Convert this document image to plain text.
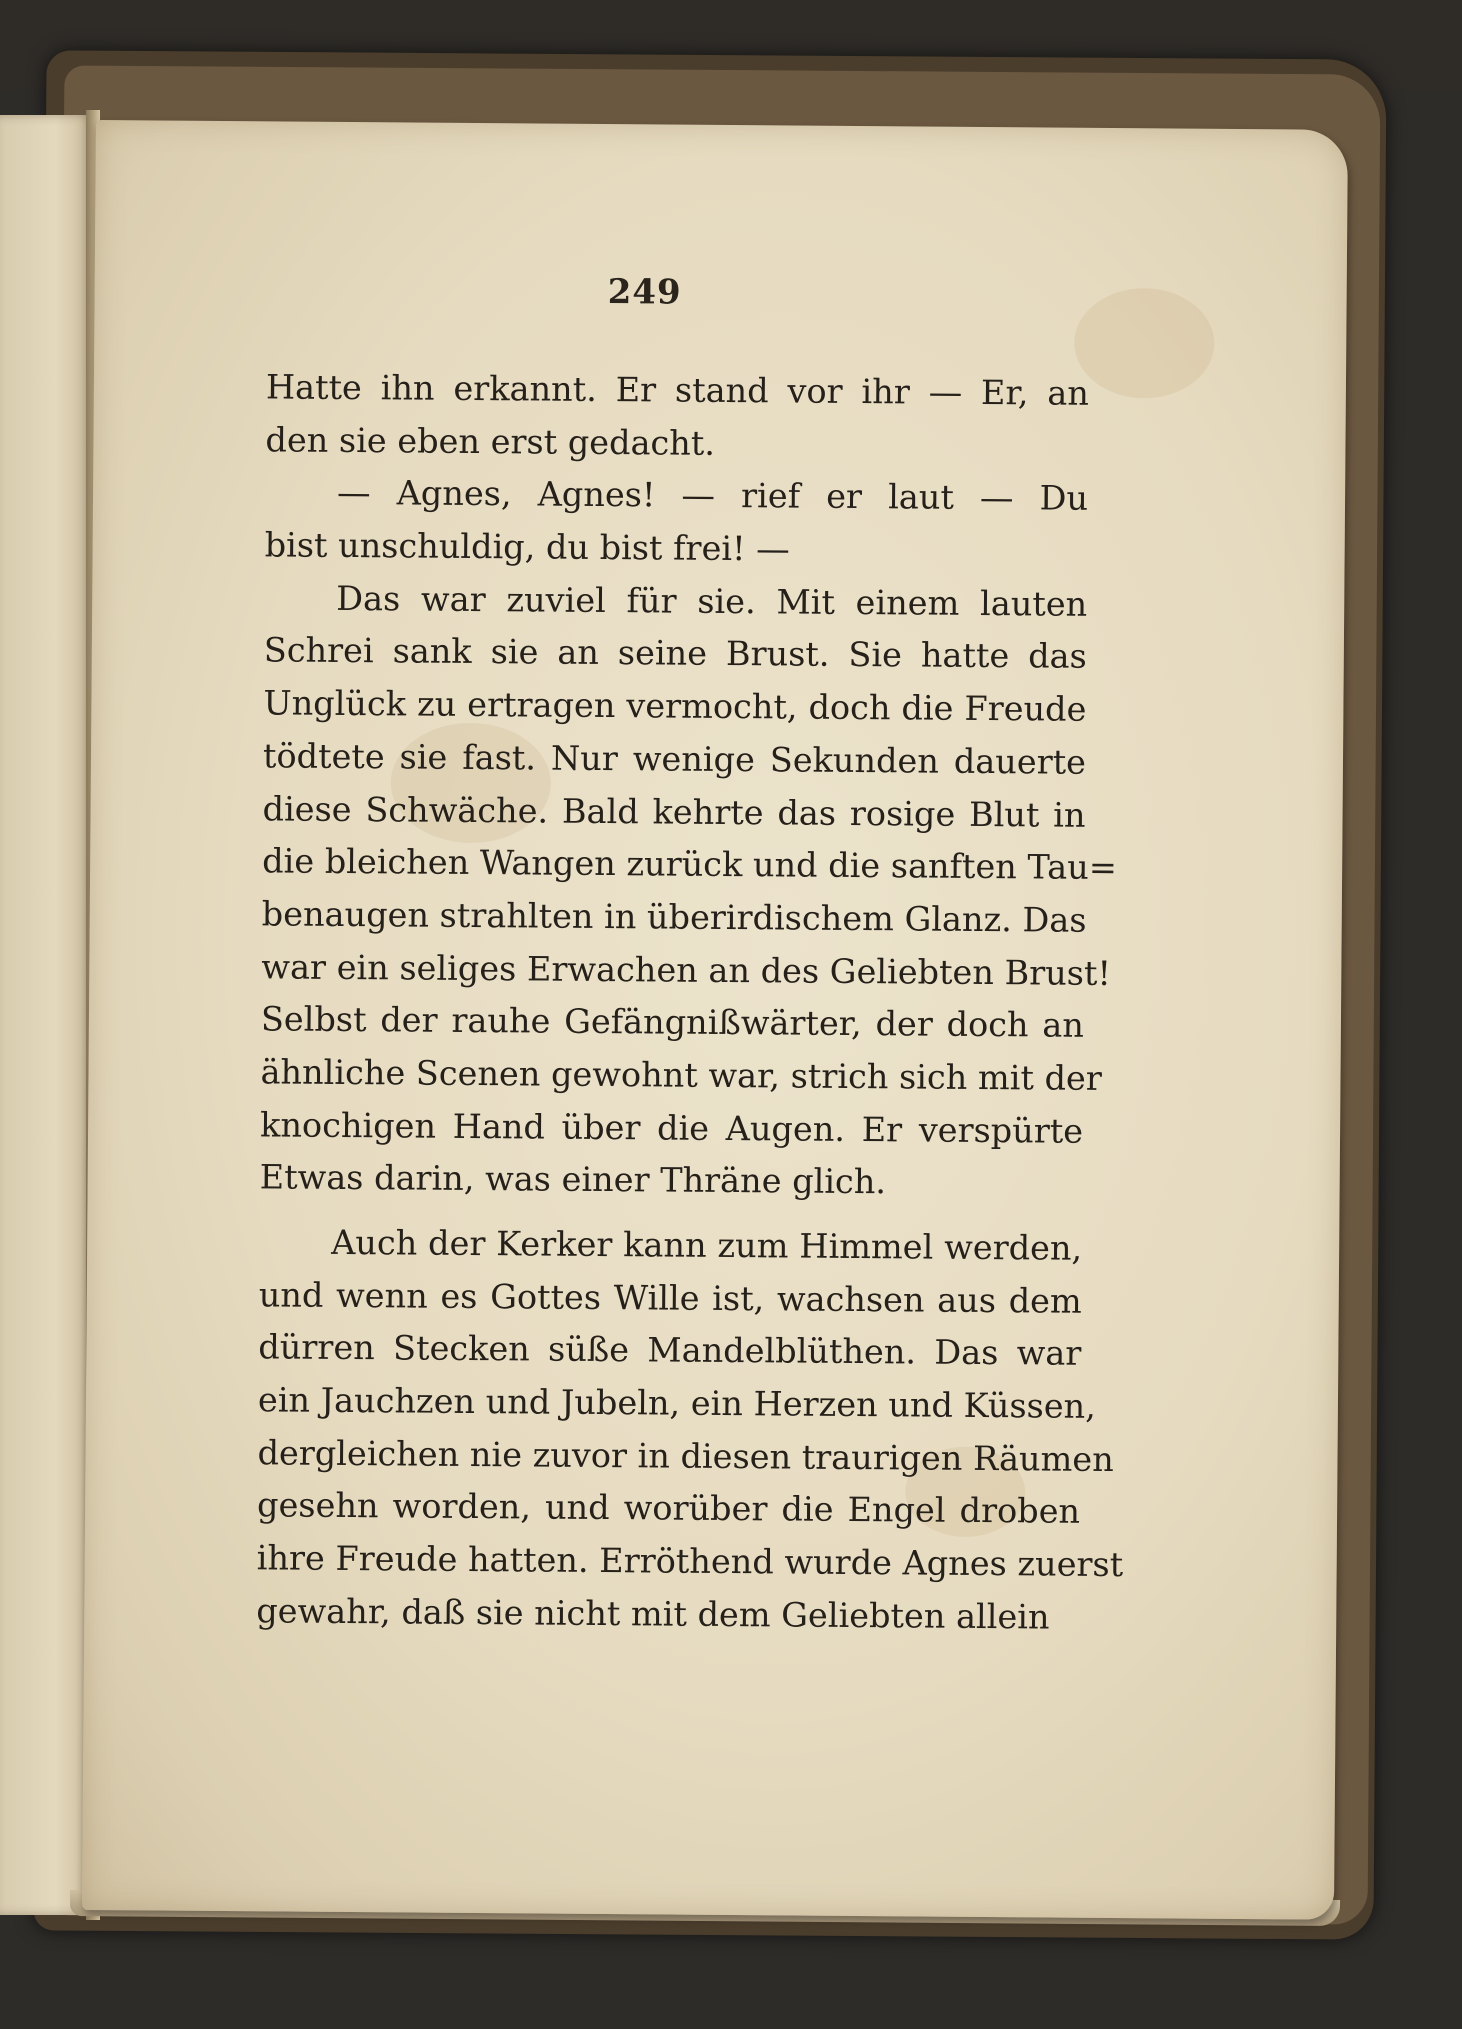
249
Hatte ihn erkannt. Er stand vor ihr — Er, an
den sie eben erst gedacht.
— Agnes, Agnes! — rief er laut — Du
bist unschuldig, du bist frei! —
Das war zuviel für sie. Mit einem lauten
Schrei sank sie an seine Brust. Sie hatte das
Unglück zu ertragen vermocht, doch die Freude
tödtete sie fast. Nur wenige Sekunden dauerte
diese Schwäche. Bald kehrte das rosige Blut in
die bleichen Wangen zurück und die sanften Tau=
benaugen strahlten in überirdischem Glanz. Das
war ein seliges Erwachen an des Geliebten Brust!
Selbst der rauhe Gefängnißwärter, der doch an
ähnliche Scenen gewohnt war, strich sich mit der
knochigen Hand über die Augen. Er verspürte
Etwas darin, was einer Thräne glich.
Auch der Kerker kann zum Himmel werden,
und wenn es Gottes Wille ist, wachsen aus dem
dürren Stecken süße Mandelblüthen. Das war
ein Jauchzen und Jubeln, ein Herzen und Küssen,
dergleichen nie zuvor in diesen traurigen Räumen
gesehn worden, und worüber die Engel droben
ihre Freude hatten. Erröthend wurde Agnes zuerst
gewahr, daß sie nicht mit dem Geliebten allein
